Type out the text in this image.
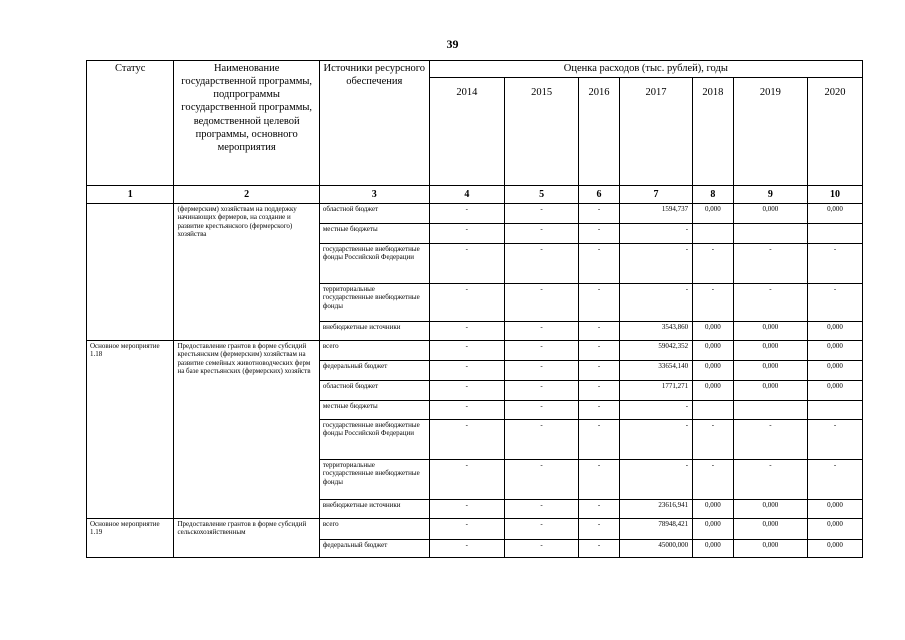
39
Статус	Наименование государственной программы, подпрограммы государственной программы, ведомственной целевой программы, основного мероприятия	Источники ресурсного обеспечения	Оценка расходов (тыс. рублей), годы						
			2014	2015	2016	2017	2018	2019	2020
1	2	3	4	5	6	7	8	9	10
	(фермерским) хозяйствам на поддержку начинающих фермеров, на создание и развитие крестьянского (фермерского) хозяйства	областной бюджет	-	-	-	1594,737	0,000	0,000	0,000
		местные бюджеты	-	-	-	-			
		государственные внебюджетные фонды Российской Федерации	-	-	-	-	-	-	-
		территориальные государственные внебюджетные фонды	-	-	-	-	-	-	-
		внебюджетные источники	-	-	-	3543,860	0,000	0,000	0,000
Основное мероприятие 1.18	Предоставление грантов в форме субсидий крестьянским (фермерским) хозяйствам на развитие семейных животноводческих ферм на базе крестьянских (фермерских) хозяйств	всего	-	-	-	59042,352	0,000	0,000	0,000
		федеральный бюджет	-	-	-	33654,140	0,000	0,000	0,000
		областной бюджет	-	-	-	1771,271	0,000	0,000	0,000
		местные бюджеты	-	-	-	-			
		государственные внебюджетные фонды Российской Федерации	-	-	-	-	-	-	-
		территориальные государственные внебюджетные фонды	-	-	-	-	-	-	-
		внебюджетные источники	-	-	-	23616,941	0,000	0,000	0,000
Основное мероприятие 1.19	Предоставление грантов в форме субсидий сельскохозяйственным	всего	-	-	-	78948,421	0,000	0,000	0,000
		федеральный бюджет	-	-	-	45000,000	0,000	0,000	0,000
